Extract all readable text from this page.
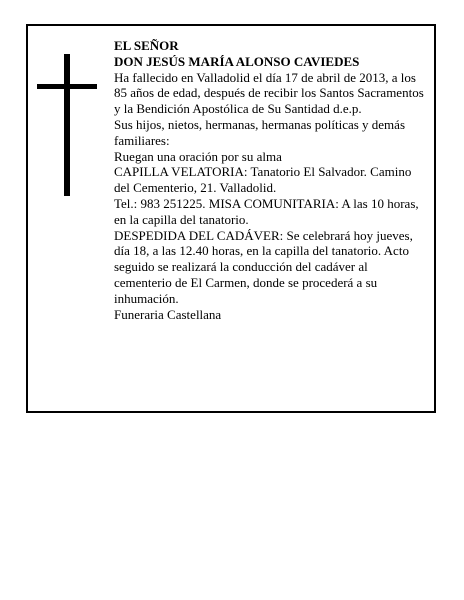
EL SEÑOR

DON JESÚS MARÍA ALONSO CAVIEDES

Ha fallecido en Valladolid el día 17 de abril de 2013, a los 85 años de edad, después de recibir los Santos Sacramentos y la Bendición Apostólica de Su Santidad d.e.p.

Sus hijos, nietos, hermanas, hermanas políticas y demás familiares:

Ruegan una oración por su alma

CAPILLA VELATORIA: Tanatorio El Salvador. Camino del Cementerio, 21. Valladolid.

Tel.: 983 251225. MISA COMUNITARIA: A las 10 horas, en la capilla del tanatorio.

DESPEDIDA DEL CADÁVER: Se celebrará hoy jueves, día 18, a las 12.40 horas, en la capilla del tanatorio. Acto seguido se realizará la conducción del cadáver al cementerio de El Carmen, donde se procederá a su inhumación.

Funeraria Castellana
